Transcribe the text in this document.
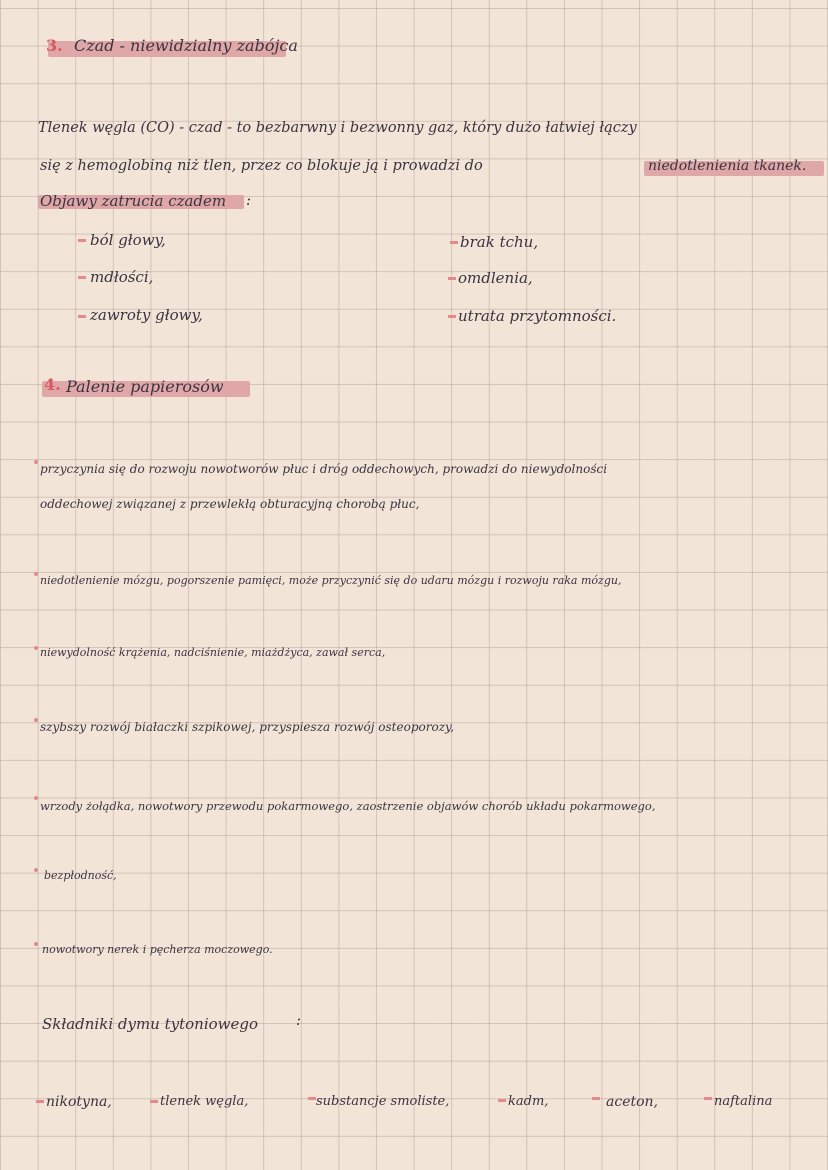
3. Czad - niewidzialny zabójca
Tlenek węgla (CO) - czad - to bezbarwny i bezwonny gaz, który dużo łatwiej łączy
się z hemoglobiną niż tlen, przez co blokuje ją i prowadzi do	niedotlenienia tkanek.
Objawy zatrucia czadem :
ból głowy,
mdłości,
zawroty głowy,
brak tchu,
omdlenia,
utrata przytomności.
4. Palenie papierosów
przyczynia się do rozwoju nowotworów płuc i dróg oddechowych, prowadzi do niewydolności
oddechowej związanej z przewlekłą obturacyjną chorobą płuc,
niedotlenienie mózgu, pogorszenie pamięci, może przyczynić się do udaru mózgu i rozwoju raka mózgu,
niewydolność krążenia, nadciśnienie, miażdżyca, zawał serca,
szybszy rozwój białaczki szpikowej, przyspiesza rozwój osteoporozy,
wrzody żołądka, nowotwory przewodu pokarmowego, zaostrzenie objawów chorób układu pokarmowego,
bezpłodność,
nowotwory nerek i pęcherza moczowego.
Składniki dymu tytoniowego	:
nikotyna,	tlenek węgla,	substancje smoliste,	kadm,	aceton,	naftalina
